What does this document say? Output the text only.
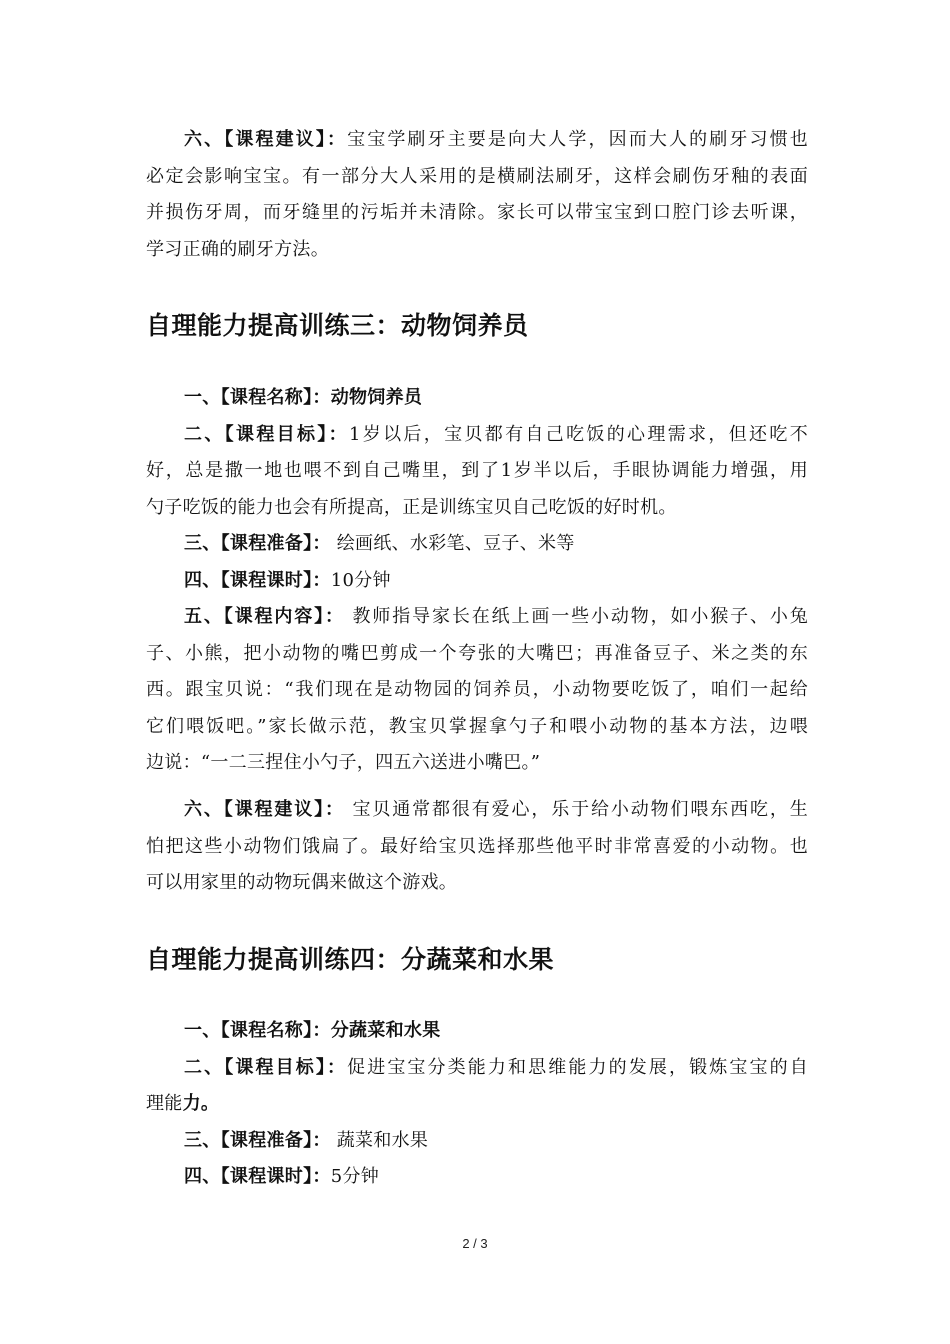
六、【课程建议】：宝宝学刷牙主要是向大人学，因而大人的刷牙习惯也
必定会影响宝宝。有一部分大人采用的是横刷法刷牙，这样会刷伤牙釉的表面
并损伤牙周，而牙缝里的污垢并未清除。家长可以带宝宝到口腔门诊去听课，
学习正确的刷牙方法。
自理能力提高训练三：动物饲养员
一、【课程名称】：动物饲养员
二、【课程目标】：1岁以后，宝贝都有自己吃饭的心理需求，但还吃不
好，总是撒一地也喂不到自己嘴里，到了1岁半以后，手眼协调能力增强，用
勺子吃饭的能力也会有所提高，正是训练宝贝自己吃饭的好时机。
三、【课程准备】： 绘画纸、水彩笔、豆子、米等
四、【课程课时】：10分钟
五、【课程内容】： 教师指导家长在纸上画一些小动物，如小猴子、小兔
子、小熊，把小动物的嘴巴剪成一个夸张的大嘴巴；再准备豆子、米之类的东
西。跟宝贝说：“我们现在是动物园的饲养员，小动物要吃饭了，咱们一起给
它们喂饭吧。”家长做示范，教宝贝掌握拿勺子和喂小动物的基本方法，边喂
边说：“一二三捏住小勺子，四五六送进小嘴巴。”
六、【课程建议】： 宝贝通常都很有爱心，乐于给小动物们喂东西吃，生
怕把这些小动物们饿扁了。最好给宝贝选择那些他平时非常喜爱的小动物。也
可以用家里的动物玩偶来做这个游戏。
自理能力提高训练四：分蔬菜和水果
一、【课程名称】：分蔬菜和水果
二、【课程目标】：促进宝宝分类能力和思维能力的发展，锻炼宝宝的自
理能力。
三、【课程准备】： 蔬菜和水果
四、【课程课时】：5分钟
2 / 3
